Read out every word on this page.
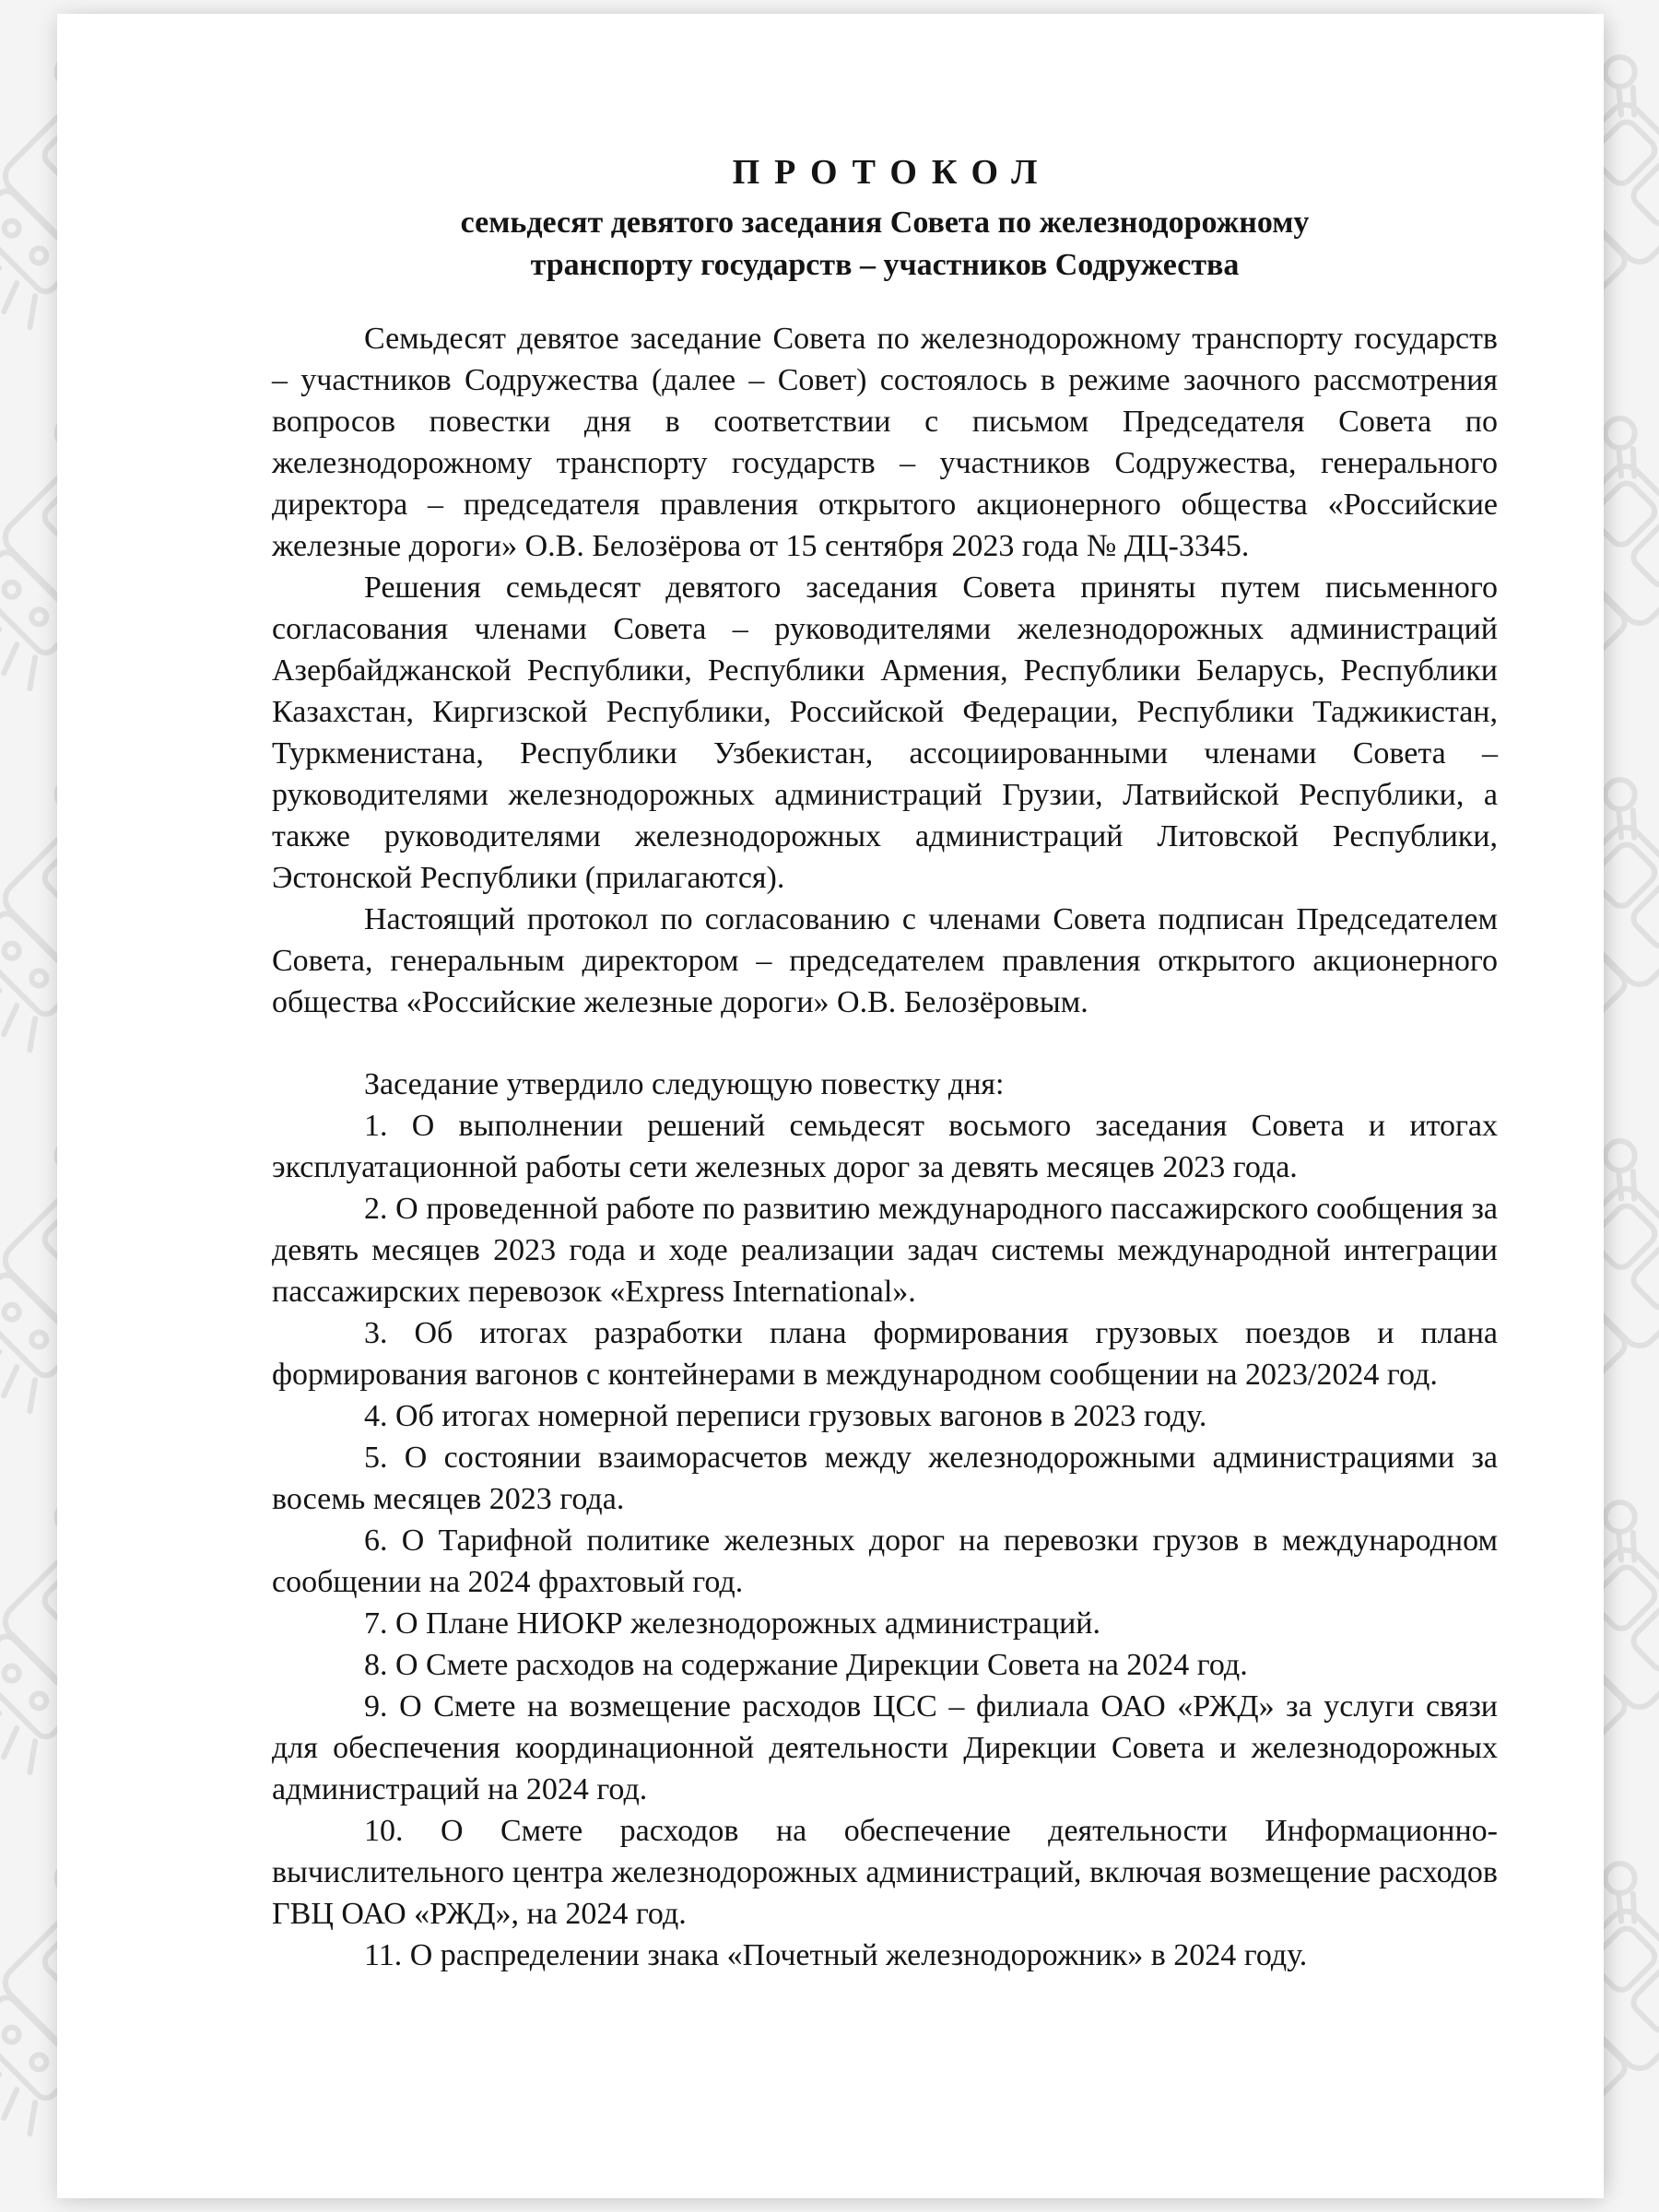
ПРОТОКОЛ
семьдесят девятого заседания Совета по железнодорожному
транспорту государств – участников Содружества

Семьдесят девятое заседание Совета по железнодорожному транспорту государств – участников Содружества (далее – Совет) состоялось в режиме заочного рассмотрения вопросов повестки дня в соответствии с письмом Председателя Совета по железнодорожному транспорту государств – участников Содружества, генерального директора – председателя правления открытого акционерного общества «Российские железные дороги» О.В. Белозёрова от 15 сентября 2023 года № ДЦ-3345.

Решения семьдесят девятого заседания Совета приняты путем письменного согласования членами Совета – руководителями железнодорожных администраций Азербайджанской Республики, Республики Армения, Республики Беларусь, Республики Казахстан, Киргизской Республики, Российской Федерации, Республики Таджикистан, Туркменистана, Республики Узбекистан, ассоциированными членами Совета – руководителями железнодорожных администраций Грузии, Латвийской Республики, а также руководителями железнодорожных администраций Литовской Республики, Эстонской Республики (прилагаются).

Настоящий протокол по согласованию с членами Совета подписан Председателем Совета, генеральным директором – председателем правления открытого акционерного общества «Российские железные дороги» О.В. Белозёровым.

Заседание утвердило следующую повестку дня:

1. О выполнении решений семьдесят восьмого заседания Совета и итогах эксплуатационной работы сети железных дорог за девять месяцев 2023 года.

2. О проведенной работе по развитию международного пассажирского сообщения за девять месяцев 2023 года и ходе реализации задач системы международной интеграции пассажирских перевозок «Express International».

3. Об итогах разработки плана формирования грузовых поездов и плана формирования вагонов с контейнерами в международном сообщении на 2023/2024 год.

4. Об итогах номерной переписи грузовых вагонов в 2023 году.

5. О состоянии взаиморасчетов между железнодорожными администрациями за восемь месяцев 2023 года.

6. О Тарифной политике железных дорог на перевозки грузов в международном сообщении на 2024 фрахтовый год.

7. О Плане НИОКР железнодорожных администраций.

8. О Смете расходов на содержание Дирекции Совета на 2024 год.

9. О Смете на возмещение расходов ЦСС – филиала ОАО «РЖД» за услуги связи для обеспечения координационной деятельности Дирекции Совета и железнодорожных администраций на 2024 год.

10. О Смете расходов на обеспечение деятельности Информационно-вычислительного центра железнодорожных администраций, включая возмещение расходов ГВЦ ОАО «РЖД», на 2024 год.

11. О распределении знака «Почетный железнодорожник» в 2024 году.
